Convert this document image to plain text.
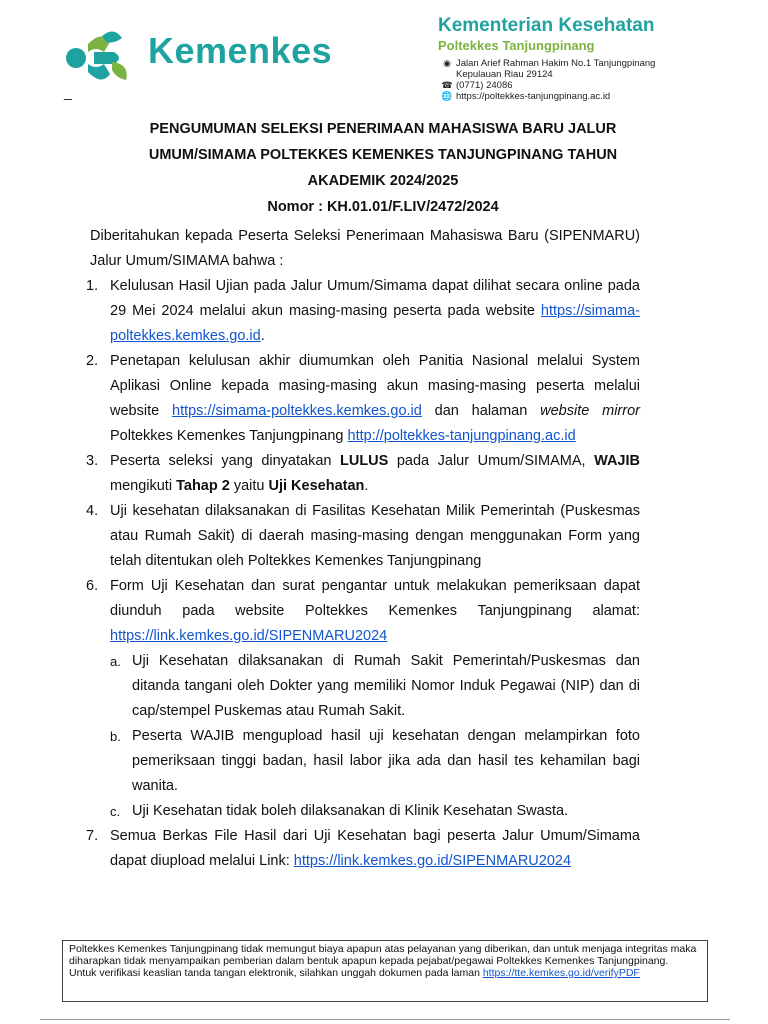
Kemenkes
Kementerian Kesehatan
Poltekkes Tanjungpinang
◉ Jalan Arief Rahman Hakim No.1 Tanjungpinang
Kepulauan Riau 29124
☎ (0771) 24086
🌐 https://poltekkes-tanjungpinang.ac.id
_
PENGUMUMAN SELEKSI PENERIMAAN MAHASISWA BARU JALUR
UMUM/SIMAMA POLTEKKES KEMENKES TANJUNGPINANG TAHUN
AKADEMIK 2024/2025
Nomor : KH.01.01/F.LIV/2472/2024
Diberitahukan kepada Peserta Seleksi Penerimaan Mahasiswa Baru (SIPENMARU) Jalur Umum/SIMAMA bahwa :
1. Kelulusan Hasil Ujian pada Jalur Umum/Simama dapat dilihat secara online pada 29 Mei 2024 melalui akun masing-masing peserta pada website https://simama-poltekkes.kemkes.go.id.
2. Penetapan kelulusan akhir diumumkan oleh Panitia Nasional melalui System Aplikasi Online kepada masing-masing akun masing-masing peserta melalui website https://simama-poltekkes.kemkes.go.id dan halaman website mirror Poltekkes Kemenkes Tanjungpinang http://poltekkes-tanjungpinang.ac.id
3. Peserta seleksi yang dinyatakan LULUS pada Jalur Umum/SIMAMA, WAJIB mengikuti Tahap 2 yaitu Uji Kesehatan.
4. Uji kesehatan dilaksanakan di Fasilitas Kesehatan Milik Pemerintah (Puskesmas atau Rumah Sakit) di daerah masing-masing dengan menggunakan Form yang telah ditentukan oleh Poltekkes Kemenkes Tanjungpinang
6. Form Uji Kesehatan dan surat pengantar untuk melakukan pemeriksaan dapat diunduh pada website Poltekkes Kemenkes Tanjungpinang alamat: https://link.kemkes.go.id/SIPENMARU2024
a. Uji Kesehatan dilaksanakan di Rumah Sakit Pemerintah/Puskesmas dan ditanda tangani oleh Dokter yang memiliki Nomor Induk Pegawai (NIP) dan di cap/stempel Puskemas atau Rumah Sakit.
b. Peserta WAJIB mengupload hasil uji kesehatan dengan melampirkan foto pemeriksaan tinggi badan, hasil labor jika ada dan hasil tes kehamilan bagi wanita.
c. Uji Kesehatan tidak boleh dilaksanakan di Klinik Kesehatan Swasta.
7. Semua Berkas File Hasil dari Uji Kesehatan bagi peserta Jalur Umum/Simama dapat diupload melalui Link: https://link.kemkes.go.id/SIPENMARU2024
Poltekkes Kemenkes Tanjungpinang tidak memungut biaya apapun atas pelayanan yang diberikan, dan untuk menjaga integritas maka diharapkan tidak menyampaikan pemberian dalam bentuk apapun kepada pejabat/pegawai Poltekkes Kemenkes Tanjungpinang.
Untuk verifikasi keaslian tanda tangan elektronik, silahkan unggah dokumen pada laman https://tte.kemkes.go.id/verifyPDF
